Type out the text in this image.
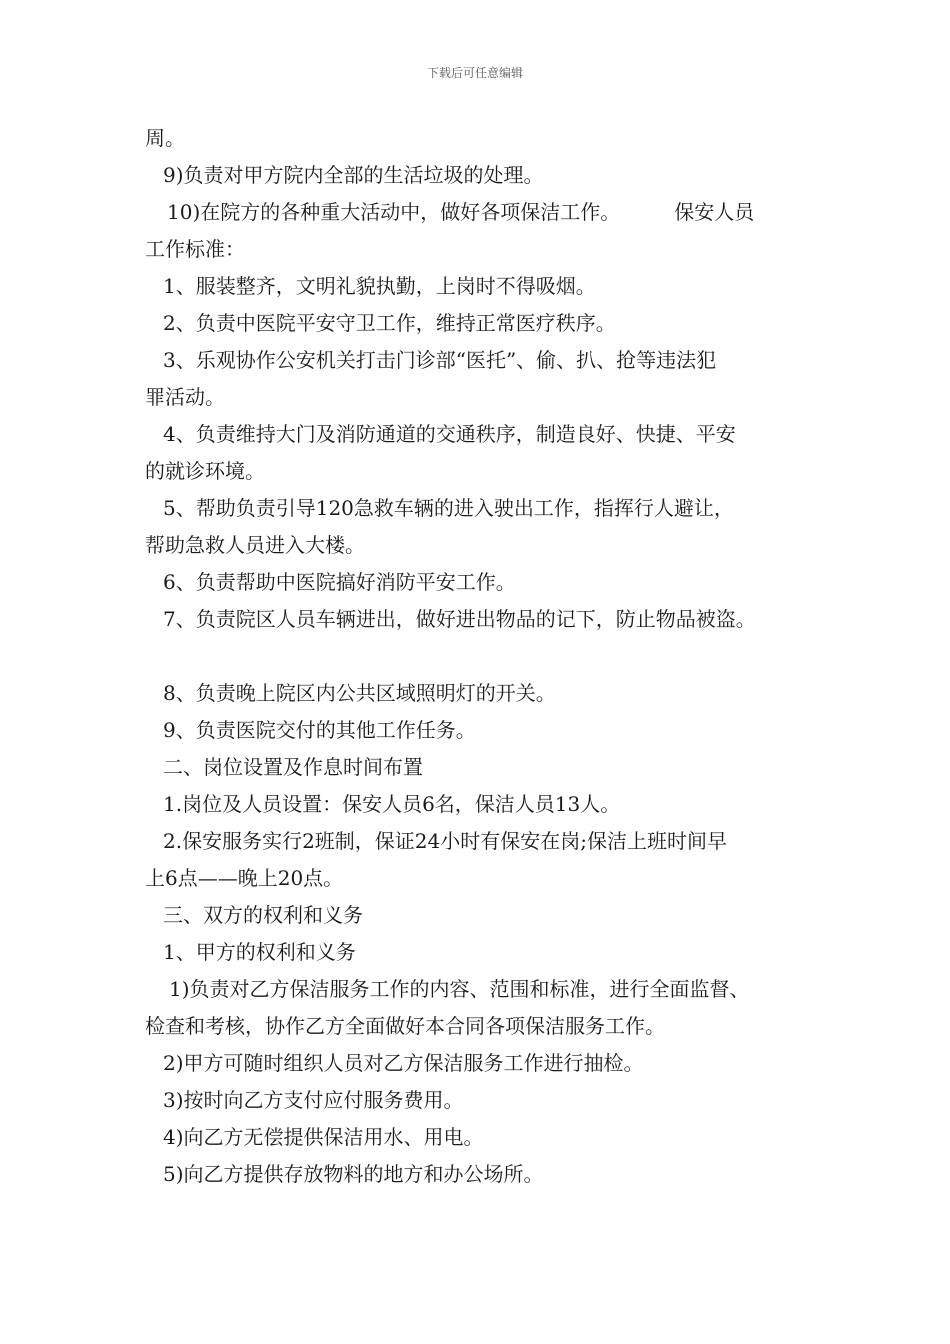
下载后可任意编辑

周。

9)负责对甲方院内全部的生活垃圾的处理。

10)在院方的各种重大活动中，做好各项保洁工作。	保安人员

工作标准：

1、服装整齐，文明礼貌执勤，上岗时不得吸烟。

2、负责中医院平安守卫工作，维持正常医疗秩序。

3、乐观协作公安机关打击门诊部“医托”、偷、扒、抢等违法犯

罪活动。

4、负责维持大门及消防通道的交通秩序，制造良好、快捷、平安

的就诊环境。

5、帮助负责引导120急救车辆的进入驶出工作，指挥行人避让，

帮助急救人员进入大楼。

6、负责帮助中医院搞好消防平安工作。

7、负责院区人员车辆进出，做好进出物品的记下，防止物品被盗。

8、负责晚上院区内公共区域照明灯的开关。

9、负责医院交付的其他工作任务。

二、岗位设置及作息时间布置

1.岗位及人员设置：保安人员6名，保洁人员13人。

2.保安服务实行2班制，保证24小时有保安在岗;保洁上班时间早

上6点——晚上20点。

三、双方的权利和义务

1、甲方的权利和义务

1)负责对乙方保洁服务工作的内容、范围和标准，进行全面监督、

检查和考核，协作乙方全面做好本合同各项保洁服务工作。

2)甲方可随时组织人员对乙方保洁服务工作进行抽检。

3)按时向乙方支付应付服务费用。

4)向乙方无偿提供保洁用水、用电。

5)向乙方提供存放物料的地方和办公场所。
